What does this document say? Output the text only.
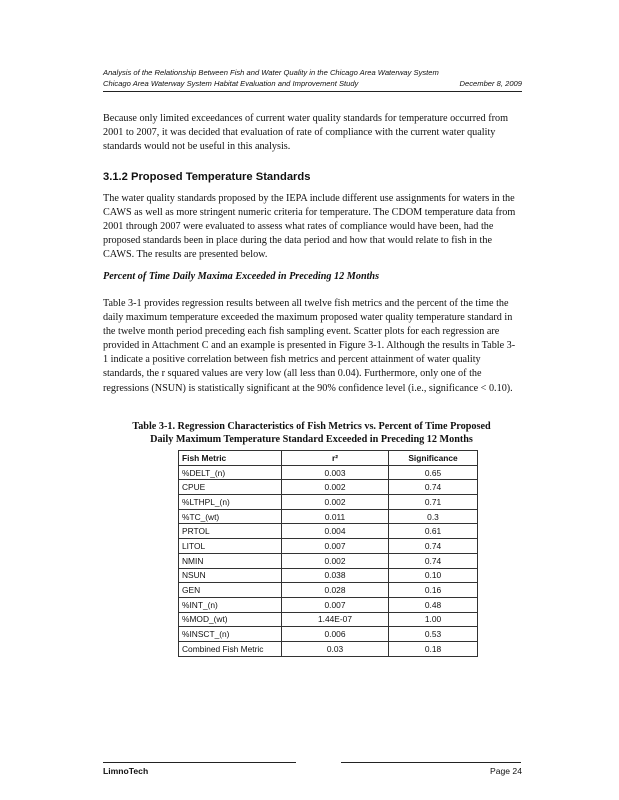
Analysis of the Relationship Between Fish and Water Quality in the Chicago Area Waterway System
Chicago Area Waterway System Habitat Evaluation and Improvement Study	December 8, 2009

Because only limited exceedances of current water quality standards for temperature occurred from 2001 to 2007, it was decided that evaluation of rate of compliance with the current water quality standards would not be useful in this analysis.

3.1.2 Proposed Temperature Standards

The water quality standards proposed by the IEPA include different use assignments for waters in the CAWS as well as more stringent numeric criteria for temperature. The CDOM temperature data from 2001 through 2007 were evaluated to assess what rates of compliance would have been, had the proposed standards been in place during the data period and how that would relate to fish in the CAWS. The results are presented below.

Percent of Time Daily Maxima Exceeded in Preceding 12 Months

Table 3-1 provides regression results between all twelve fish metrics and the percent of the time the daily maximum temperature exceeded the maximum proposed water quality temperature standard in the twelve month period preceding each fish sampling event. Scatter plots for each regression are provided in Attachment C and an example is presented in Figure 3-1. Although the results in Table 3-1 indicate a positive correlation between fish metrics and percent attainment of water quality standards, the r squared values are very low (all less than 0.04). Furthermore, only one of the regressions (NSUN) is statistically significant at the 90% confidence level (i.e., significance < 0.10).

Table 3-1. Regression Characteristics of Fish Metrics vs. Percent of Time Proposed
Daily Maximum Temperature Standard Exceeded in Preceding 12 Months
Fish Metric	r²	Significance
%DELT_(n)	0.003	0.65
CPUE	0.002	0.74
%LTHPL_(n)	0.002	0.71
%TC_(wt)	0.011	0.3
PRTOL	0.004	0.61
LITOL	0.007	0.74
NMIN	0.002	0.74
NSUN	0.038	0.10
GEN	0.028	0.16
%INT_(n)	0.007	0.48
%MOD_(wt)	1.44E-07	1.00
%INSCT_(n)	0.006	0.53
Combined Fish Metric	0.03	0.18
LimnoTech	Page 24
